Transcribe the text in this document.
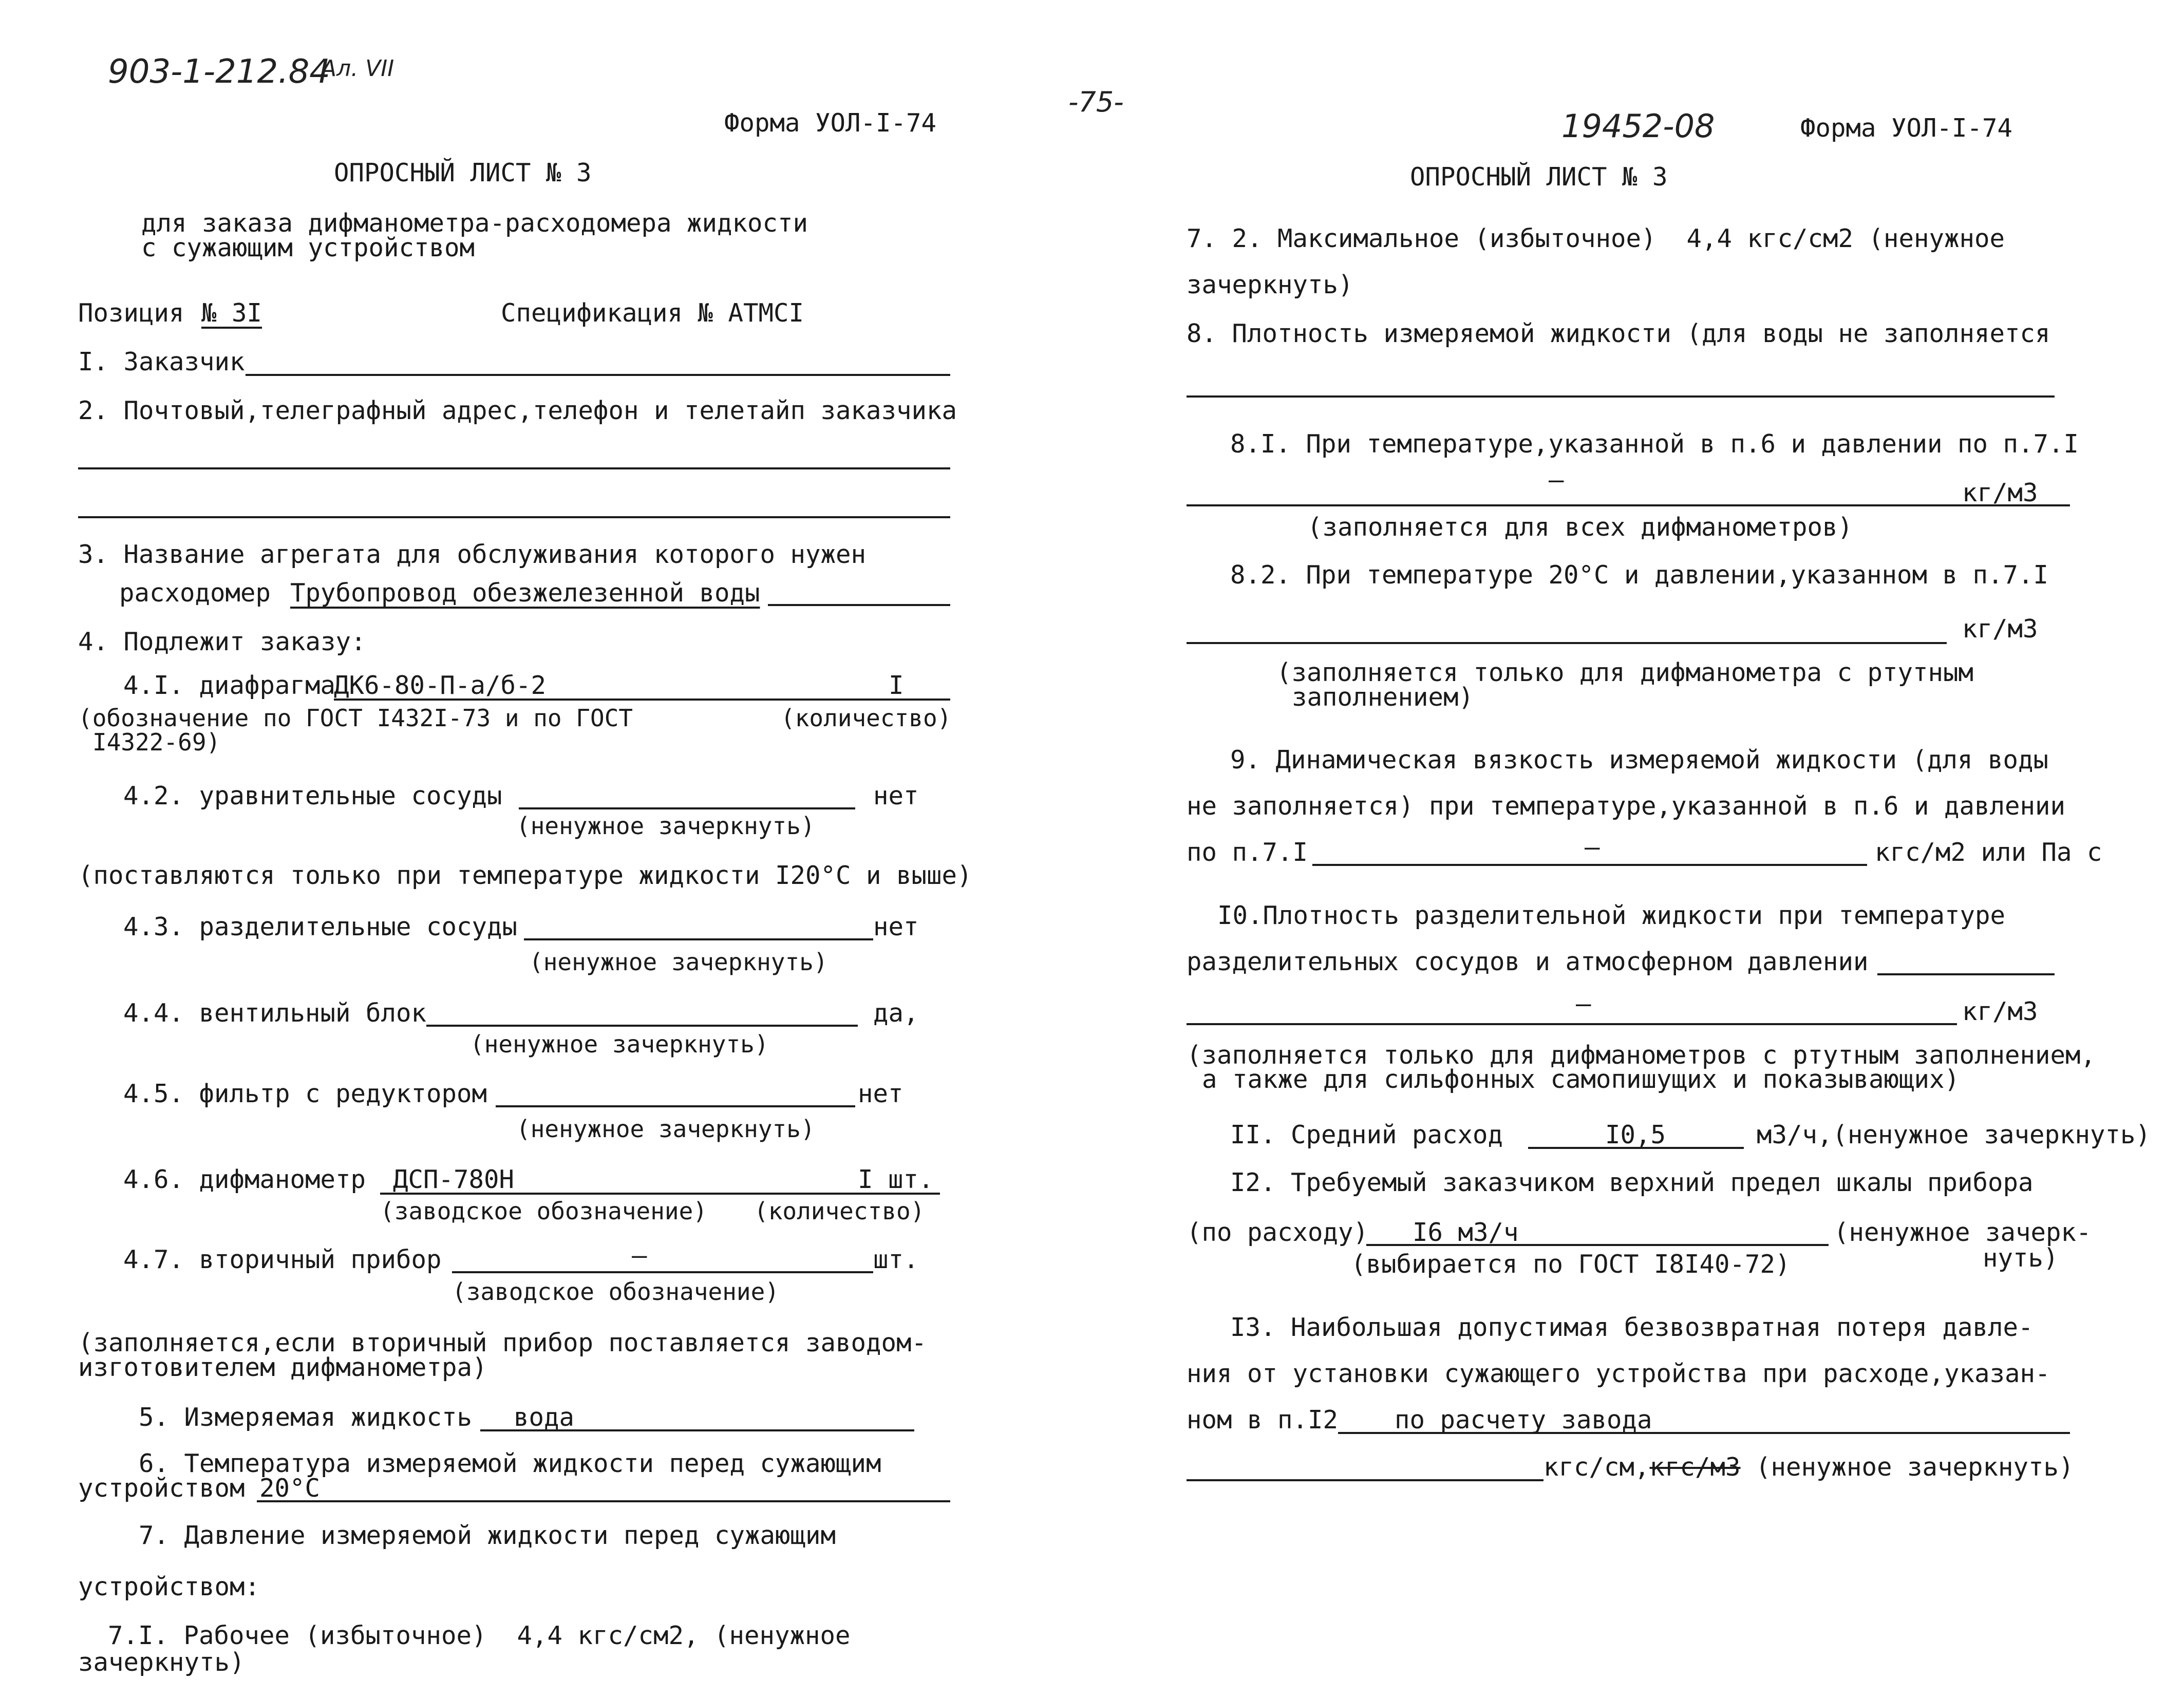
903-1-212.84
Ал. VII
-75-
Форма УОЛ-I-74
ОПРОСНЫЙ ЛИСТ № 3
для заказа дифманометра-расходомера жидкости
с сужающим устройством
Позиция № 3I	Спецификация № АТМСI
I. Заказчик
2. Почтовый,телеграфный адрес,телефон и телетайп заказчика
3. Название агрегата для обслуживания которого нужен
расходомер Трубопровод обезжелезенной воды
4. Подлежит заказу:
4.I. диафрагма
ДК6-80-П-а/б-2	I
(обозначение по ГОСТ I432I-73 и по ГОСТ	(количество)
I4322-69)
4.2. уравнительные сосуды	нет
(ненужное зачеркнуть)
(поставляются только при температуре жидкости I20°С и выше)
4.3. разделительные сосуды	нет
(ненужное зачеркнуть)
4.4. вентильный блок	да,
(ненужное зачеркнуть)
4.5. фильтр с редуктором	нет
(ненужное зачеркнуть)
4.6. дифманометр ДСП-780Н	I шт.
(заводское обозначение) (количество)
4.7. вторичный прибор	—	шт.
(заводское обозначение)
(заполняется,если вторичный прибор поставляется заводом-
изготовителем дифманометра)
5. Измеряемая жидкость вода
6. Температура измеряемой жидкости перед сужающим
устройством 20°С
7. Давление измеряемой жидкости перед сужающим
устройством:
7.I. Рабочее (избыточное)  4,4 кгс/см2, (ненужное
зачеркнуть)
19452-08	Форма УОЛ-I-74
ОПРОСНЫЙ ЛИСТ № 3
7. 2. Максимальное (избыточное)  4,4 кгс/см2 (ненужное
зачеркнуть)
8. Плотность измеряемой жидкости (для воды не заполняется
8.I. При температуре,указанной в п.6 и давлении по п.7.I
—	кг/м3
(заполняется для всех дифманометров)
8.2. При температуре 20°С и давлении,указанном в п.7.I
кг/м3
(заполняется только для дифманометра с ртутным
заполнением)
9. Динамическая вязкость измеряемой жидкости (для воды
не заполняется) при температуре,указанной в п.6 и давлении
по п.7.I	—	кгс/м2 или Па с
I0.Плотность разделительной жидкости при температуре
разделительных сосудов и атмосферном давлении
—	кг/м3
(заполняется только для дифманометров с ртутным заполнением,
а также для сильфонных самопишущих и показывающих)
II. Средний расход	I0,5	м3/ч,(ненужное зачеркнуть)
I2. Требуемый заказчиком верхний предел шкалы прибора
(по расходу) I6 м3/ч	(ненужное зачерк-
нуть)
(выбирается по ГОСТ I8I40-72)
I3. Наибольшая допустимая безвозвратная потеря давле-
ния от установки сужающего устройства при расходе,указан-
ном в п.I2 по расчету завода
кгс/см,кгс/м3 (ненужное зачеркнуть)
